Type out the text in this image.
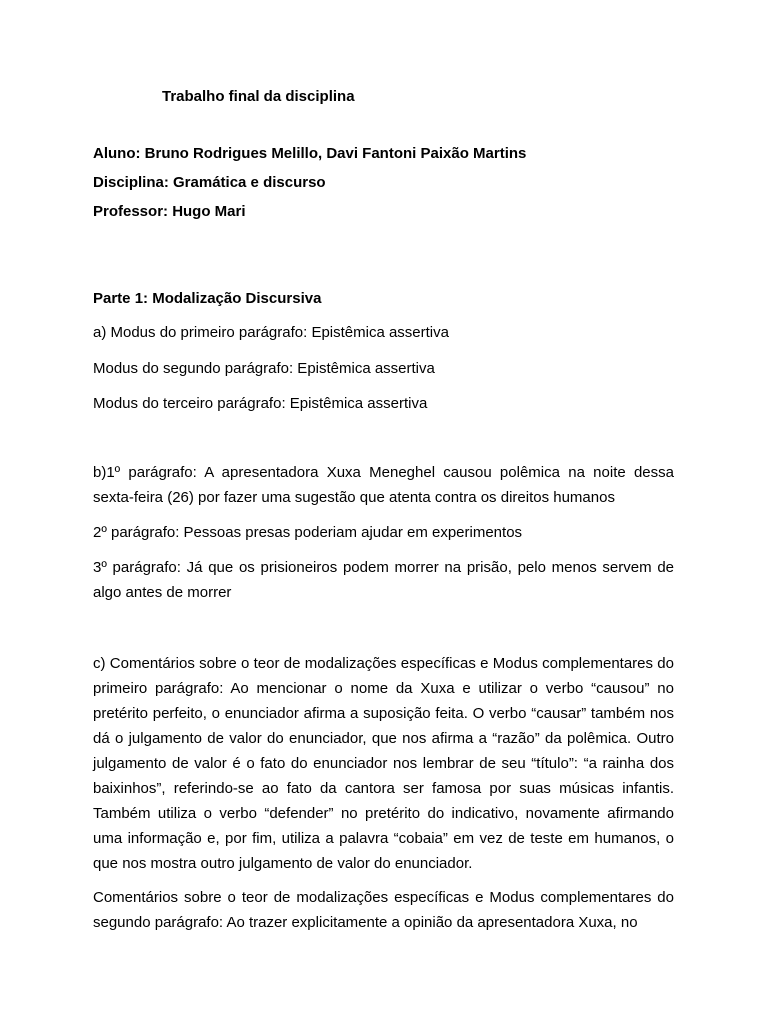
Trabalho final da disciplina

Aluno: Bruno Rodrigues Melillo, Davi Fantoni Paixão Martins

Disciplina: Gramática e discurso

Professor: Hugo Mari

Parte 1: Modalização Discursiva

a) Modus do primeiro parágrafo: Epistêmica assertiva

Modus do segundo parágrafo: Epistêmica assertiva

Modus do terceiro parágrafo: Epistêmica assertiva

b)1º parágrafo: A apresentadora Xuxa Meneghel causou polêmica na noite dessa sexta-feira (26) por fazer uma sugestão que atenta contra os direitos humanos

2º parágrafo: Pessoas presas poderiam ajudar em experimentos

3º parágrafo: Já que os prisioneiros podem morrer na prisão, pelo menos servem de algo antes de morrer

c) Comentários sobre o teor de modalizações específicas e Modus complementares do primeiro parágrafo: Ao mencionar o nome da Xuxa e utilizar o verbo “causou” no pretérito perfeito, o enunciador afirma a suposição feita. O verbo “causar” também nos dá o julgamento de valor do enunciador, que nos afirma a “razão” da polêmica. Outro julgamento de valor é o fato do enunciador nos lembrar de seu “título”: “a rainha dos baixinhos”, referindo-se ao fato da cantora ser famosa por suas músicas infantis. Também utiliza o verbo “defender” no pretérito do indicativo, novamente afirmando uma informação e, por fim, utiliza a palavra “cobaia” em vez de teste em humanos, o que nos mostra outro julgamento de valor do enunciador.

Comentários sobre o teor de modalizações específicas e Modus complementares do segundo parágrafo: Ao trazer explicitamente a opinião da apresentadora Xuxa, no
